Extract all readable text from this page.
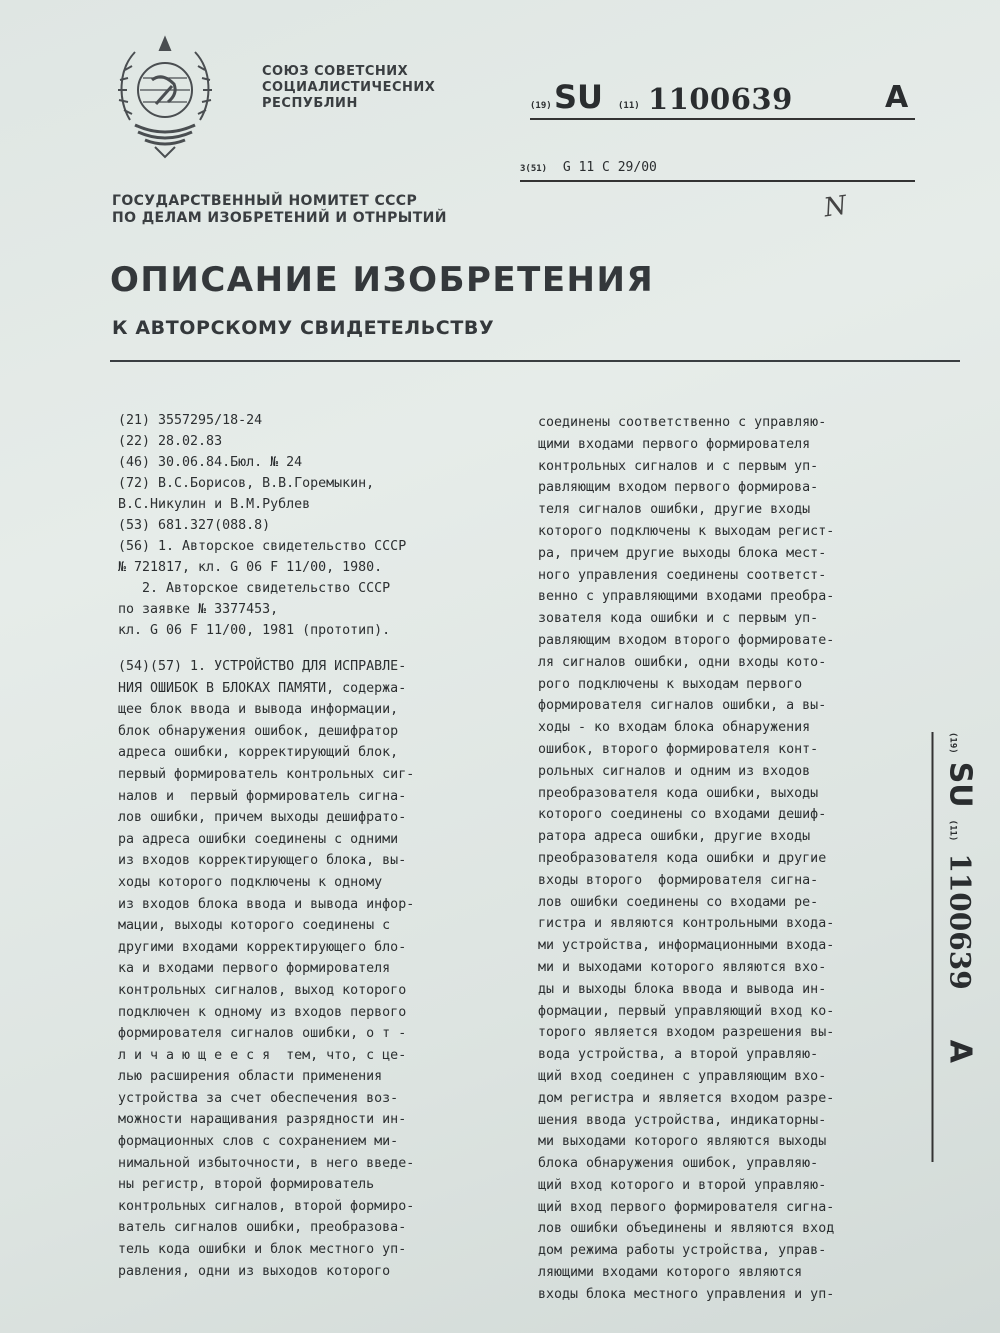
СОЮЗ СОВЕТСНИХ
СОЦИАЛИСТИЧЕСНИХ
РЕСПУБЛИН	(19) SU (11) 1100639	A
3(51) G 11 C 29/00
N
ГОСУДАРСТВЕННЫЙ НОМИТЕТ СССР
ПО ДЕЛАМ ИЗОБРЕТЕНИЙ И ОТНРЫТИЙ
ОПИСАНИЕ ИЗОБРЕТЕНИЯ
К АВТОРСКОМУ СВИДЕТЕЛЬСТВУ
(21) 3557295/18-24
(22) 28.02.83
(46) 30.06.84.Бюл. № 24
(72) В.С.Борисов, В.В.Горемыкин,
В.С.Никулин и В.М.Рублев
(53) 681.327(088.8)
(56) 1. Авторское свидетельство СССР
№ 721817, кл. G 06 F 11/00, 1980.
2. Авторское свидетельство СССР
по заявке № 3377453,
кл. G 06 F 11/00, 1981 (прототип).
(54)(57) 1. УСТРОЙСТВО ДЛЯ ИСПРАВЛЕ-
НИЯ ОШИБОК В БЛОКАХ ПАМЯТИ, содержа-
щее блок ввода и вывода информации,
блок обнаружения ошибок, дешифратор
адреса ошибки, корректирующий блок,
первый формирователь контрольных сиг-
налов и  первый формирователь сигна-
лов ошибки, причем выходы дешифрато-
ра адреса ошибки соединены с одними
из входов корректирующего блока, вы-
ходы которого подключены к одному
из входов блока ввода и вывода инфор-
мации, выходы которого соединены с
другими входами корректирующего бло-
ка и входами первого формирователя
контрольных сигналов, выход которого
подключен к одному из входов первого
формирователя сигналов ошибки, о т -
л и ч а ю щ е е с я  тем, что, с це-
лью расширения области применения
устройства за счет обеспечения воз-
можности наращивания разрядности ин-
формационных слов с сохранением ми-
нимальной избыточности, в него введе-
ны регистр, второй формирователь
контрольных сигналов, второй формиро-
ватель сигналов ошибки, преобразова-
тель кода ошибки и блок местного уп-
равления, одни из выходов которого
соединены соответственно с управляю-
щими входами первого формирователя
контрольных сигналов и с первым уп-
равляющим входом первого формирова-
теля сигналов ошибки, другие входы
которого подключены к выходам регист-
ра, причем другие выходы блока мест-
ного управления соединены соответст-
венно с управляющими входами преобра-
зователя кода ошибки и с первым уп-
равляющим входом второго формировате-
ля сигналов ошибки, одни входы кото-
рого подключены к выходам первого
формирователя сигналов ошибки, а вы-
ходы - ко входам блока обнаружения
ошибок, второго формирователя конт-
рольных сигналов и одним из входов
преобразователя кода ошибки, выходы
которого соединены со входами дешиф-
ратора адреса ошибки, другие входы
преобразователя кода ошибки и другие
входы второго  формирователя сигна-
лов ошибки соединены со входами ре-
гистра и являются контрольными входа-
ми устройства, информационными входа-
ми и выходами которого являются вхо-
ды и выходы блока ввода и вывода ин-
формации, первый управляющий вход ко-
торого является входом разрешения вы-
вода устройства, а второй управляю-
щий вход соединен с управляющим вхо-
дом регистра и является входом разре-
шения ввода устройства, индикаторны-
ми выходами которого являются выходы
блока обнаружения ошибок, управляю-
щий вход которого и второй управляю-
щий вход первого формирователя сигна-
лов ошибки объединены и являются вход
дом режима работы устройства, управ-
ляющими входами которого являются
входы блока местного управления и уп-
(19) SU (11) 1100639 A
